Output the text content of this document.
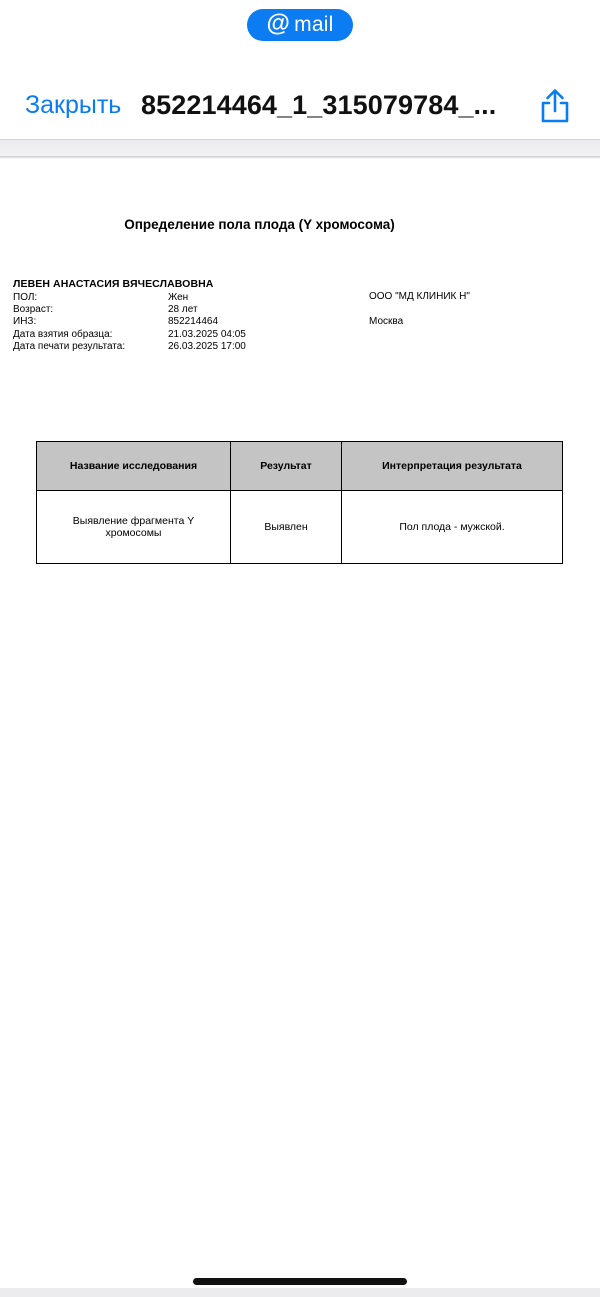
@ mail
Закрыть 852214464_1_315079784_...
Определение пола плода (Y хромосома)
ЛЕВЕН АНАСТАСИЯ ВЯЧЕСЛАВОВНА
ПОЛ:	Жен
Возраст:	28 лет
ИНЗ:	852214464
Дата взятия образца:	21.03.2025 04:05
Дата печати результата:	26.03.2025 17:00
ООО "МД КЛИНИК Н"
Москва
Название исследования	Результат	Интерпретация результата
Выявление фрагмента Y хромосомы	Выявлен	Пол плода - мужской.
